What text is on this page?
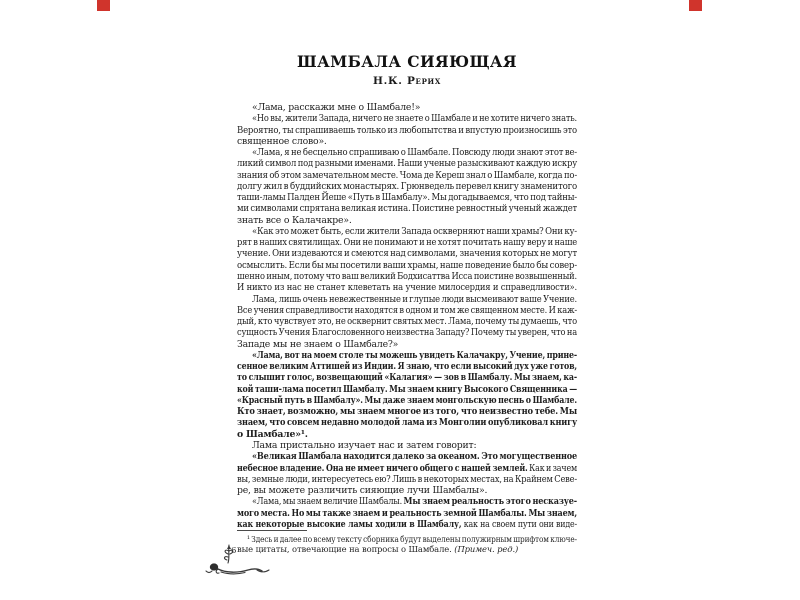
ШАМБАЛА СИЯЮЩАЯ
Н.К. Рерих
«Лама, расскажи мне о Шамбале!»
«Но вы, жители Запада, ничего не знаете о Шамбале и не хотите ничего знать.
Вероятно, ты спрашиваешь только из любопытства и впустую произносишь это
священное слово».
«Лама, я не бесцельно спрашиваю о Шамбале. Повсюду люди знают этот ве-
ликий символ под разными именами. Наши ученые разыскивают каждую искру
знания об этом замечательном месте. Чома де Кереш знал о Шамбале, когда по-
долгу жил в буддийских монастырях. Грюнведель перевел книгу знаменитого
таши-ламы Палден Йеше «Путь в Шамбалу». Мы догадываемся, что под тайны-
ми символами спрятана великая истина. Поистине ревностный ученый жаждет
знать все о Калачакре».
«Как это может быть, если жители Запада оскверняют наши храмы? Они ку-
рят в наших святилищах. Они не понимают и не хотят почитать нашу веру и наше
учение. Они издеваются и смеются над символами, значения которых не могут
осмыслить. Если бы мы посетили ваши храмы, наше поведение было бы совер-
шенно иным, потому что ваш великий Бодхисаттва Исса поистине возвышенный.
И никто из нас не станет клеветать на учение милосердия и справедливости».
Лама, лишь очень невежественные и глупые люди высмеивают ваше Учение.
Все учения справедливости находятся в одном и том же священном месте. И каж-
дый, кто чувствует это, не осквернит святых мест. Лама, почему ты думаешь, что
сущность Учения Благословенного неизвестна Западу? Почему ты уверен, что на
Западе мы не знаем о Шамбале?»
«Лама, вот на моем столе ты можешь увидеть Калачакру, Учение, прине-
сенное великим Аттишей из Индии. Я знаю, что если высокий дух уже готов,
то слышит голос, возвещающий «Калагия» — зов в Шамбалу. Мы знаем, ка-
кой таши-лама посетил Шамбалу. Мы знаем книгу Высокого Священника —
«Красный путь в Шамбалу». Мы даже знаем монгольскую песнь о Шамбале.
Кто знает, возможно, мы знаем многое из того, что неизвестно тебе. Мы
знаем, что совсем недавно молодой лама из Монголии опубликовал книгу
о Шамбале»¹.
Лама пристально изучает нас и затем говорит:
«Великая Шамбала находится далеко за океаном. Это могущественное
небесное владение. Она не имеет ничего общего с нашей землей. Как и зачем
вы, земные люди, интересуетесь ею? Лишь в некоторых местах, на Крайнем Севе-
ре, вы можете различить сияющие лучи Шамбалы».
«Лама, мы знаем величие Шамбалы. Мы знаем реальность этого несказуе-
мого места. Но мы также знаем и реальность земной Шамбалы. Мы знаем,
как некоторые высокие ламы ходили в Шамбалу, как на своем пути они виде-
¹ Здесь и далее по всему тексту сборника будут выделены полужирным шрифтом ключе-
вые цитаты, отвечающие на вопросы о Шамбале. (Примеч. ред.)
6
